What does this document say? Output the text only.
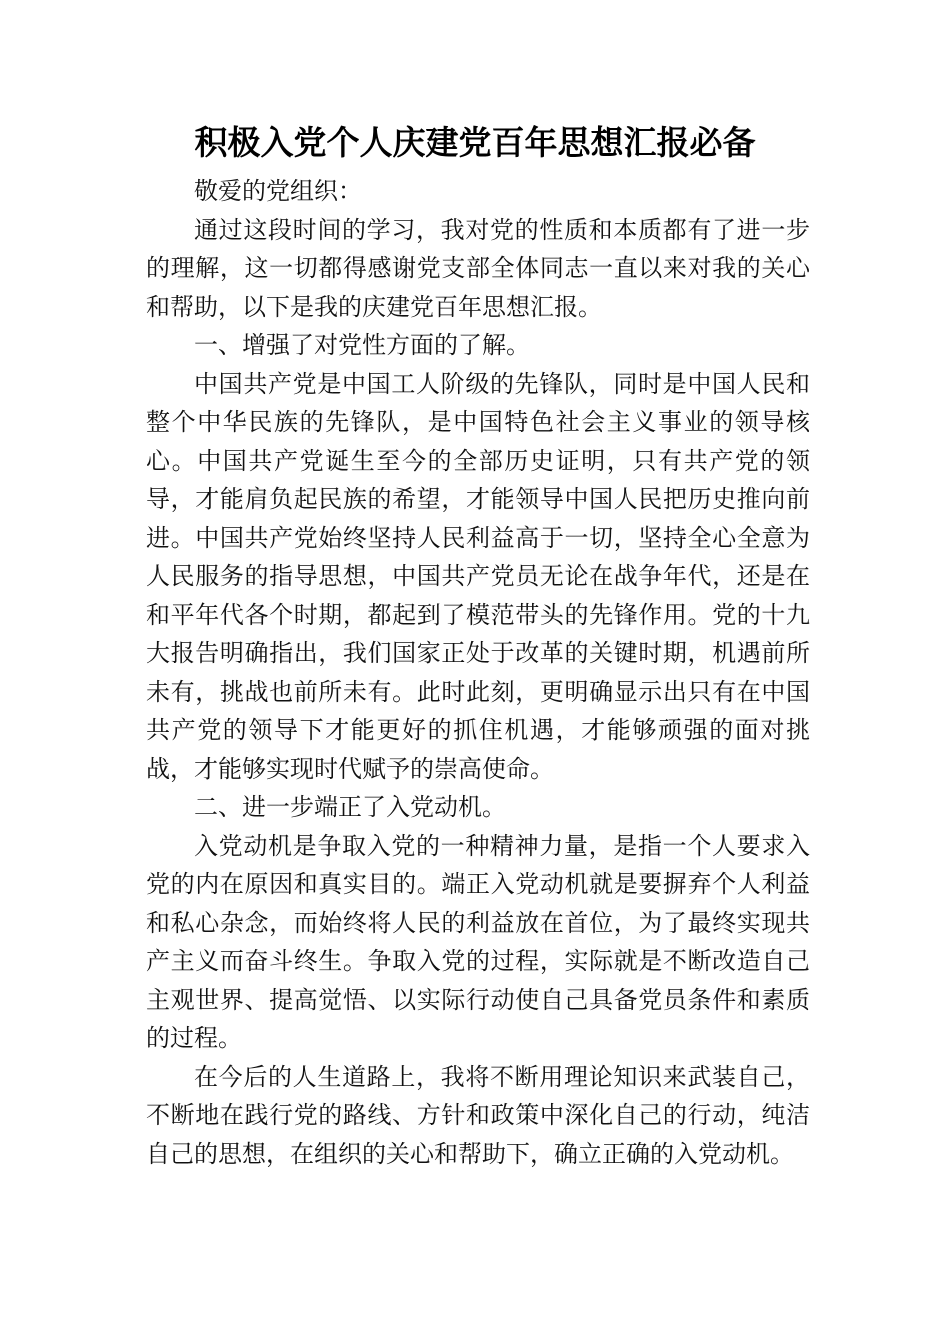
积极入党个人庆建党百年思想汇报必备

敬爱的党组织：

通过这段时间的学习，我对党的性质和本质都有了进一步的理解，这一切都得感谢党支部全体同志一直以来对我的关心和帮助，以下是我的庆建党百年思想汇报。

一、增强了对党性方面的了解。

中国共产党是中国工人阶级的先锋队，同时是中国人民和整个中华民族的先锋队，是中国特色社会主义事业的领导核心。中国共产党诞生至今的全部历史证明，只有共产党的领导，才能肩负起民族的希望，才能领导中国人民把历史推向前进。中国共产党始终坚持人民利益高于一切，坚持全心全意为人民服务的指导思想，中国共产党员无论在战争年代，还是在和平年代各个时期，都起到了模范带头的先锋作用。党的十九大报告明确指出，我们国家正处于改革的关键时期，机遇前所未有，挑战也前所未有。此时此刻，更明确显示出只有在中国共产党的领导下才能更好的抓住机遇，才能够顽强的面对挑战，才能够实现时代赋予的崇高使命。

二、进一步端正了入党动机。

入党动机是争取入党的一种精神力量，是指一个人要求入党的内在原因和真实目的。端正入党动机就是要摒弃个人利益和私心杂念，而始终将人民的利益放在首位，为了最终实现共产主义而奋斗终生。争取入党的过程，实际就是不断改造自己主观世界、提高觉悟、以实际行动使自己具备党员条件和素质的过程。

在今后的人生道路上，我将不断用理论知识来武装自己，不断地在践行党的路线、方针和政策中深化自己的行动，纯洁自己的思想，在组织的关心和帮助下，确立正确的入党动机。
